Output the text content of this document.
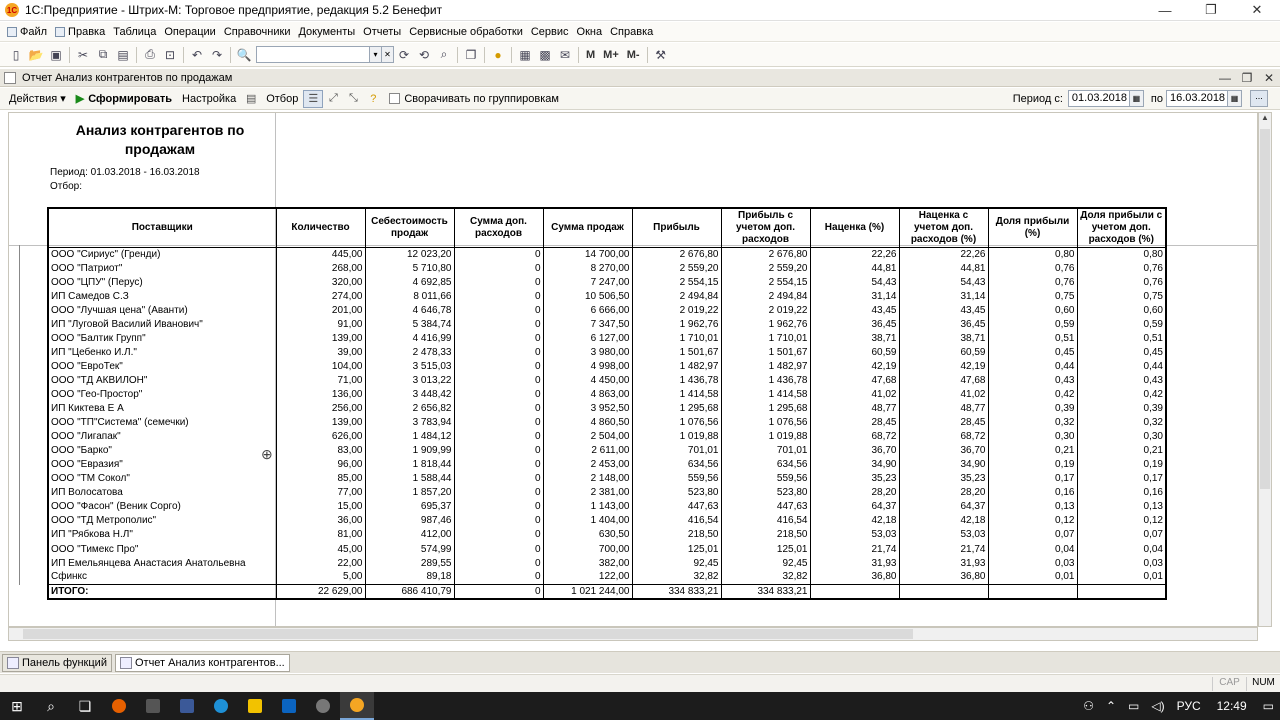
1С 1С:Предприятие - Штрих-М: Торговое предприятие, редакция 5.2 Бенефит	—	❐	✕
Файл Правка Таблица Операции Справочники Документы Отчеты Сервисные обработки Сервис Окна Справка
▯ 📂 ▣	✂ ⧉ ▤	⎙ ⊡	↶ ↷	🔍	▾ ✕ ⟳ ⟲ ⌕	❐	●	▦ ▩ ✉	M M+ M-	⚒
Отчет Анализ контрагентов по продажам	— ❐ ✕
Действия ▾ ▶ Сформировать Настройка ▤ Отбор ☰ ⤢	⤡	?	Сворачивать по группировкам	Период с: 01.03.2018 ▦ по 16.03.2018 ▦	...
Анализ контрагентов по продажам
Период: 01.03.2018 - 16.03.2018
Отбор:
Поставщики	Количество	Себестоимость продаж	Сумма доп. расходов	Сумма продаж	Прибыль	Прибыль с учетом доп. расходов	Наценка (%)	Наценка с учетом доп. расходов (%)	Доля прибыли (%)	Доля прибыли с учетом доп. расходов (%)
ООО "Сириус" (Гренди)	445,00	12 023,20	0	14 700,00	2 676,80	2 676,80	22,26	22,26	0,80	0,80
ООО "Патриот"	268,00	5 710,80	0	8 270,00	2 559,20	2 559,20	44,81	44,81	0,76	0,76
ООО "ЦПУ" (Перус)	320,00	4 692,85	0	7 247,00	2 554,15	2 554,15	54,43	54,43	0,76	0,76
ИП Самедов С.З	274,00	8 011,66	0	10 506,50	2 494,84	2 494,84	31,14	31,14	0,75	0,75
ООО "Лучшая цена" (Аванти)	201,00	4 646,78	0	6 666,00	2 019,22	2 019,22	43,45	43,45	0,60	0,60
ИП "Луговой Василий Иванович"	91,00	5 384,74	0	7 347,50	1 962,76	1 962,76	36,45	36,45	0,59	0,59
ООО "Балтик Групп"	139,00	4 416,99	0	6 127,00	1 710,01	1 710,01	38,71	38,71	0,51	0,51
ИП "Цебенко И.Л."	39,00	2 478,33	0	3 980,00	1 501,67	1 501,67	60,59	60,59	0,45	0,45
ООО "ЕвроТек"	104,00	3 515,03	0	4 998,00	1 482,97	1 482,97	42,19	42,19	0,44	0,44
ООО "ТД АКВИЛОН"	71,00	3 013,22	0	4 450,00	1 436,78	1 436,78	47,68	47,68	0,43	0,43
ООО "Гео-Простор"	136,00	3 448,42	0	4 863,00	1 414,58	1 414,58	41,02	41,02	0,42	0,42
ИП Киктева Е А	256,00	2 656,82	0	3 952,50	1 295,68	1 295,68	48,77	48,77	0,39	0,39
ООО "ТП"Система" (семечки)	139,00	3 783,94	0	4 860,50	1 076,56	1 076,56	28,45	28,45	0,32	0,32
ООО "Лигапак"	626,00	1 484,12	0	2 504,00	1 019,88	1 019,88	68,72	68,72	0,30	0,30
ООО "Барко"	83,00	1 909,99	0	2 611,00	701,01	701,01	36,70	36,70	0,21	0,21
ООО "Евразия"	96,00	1 818,44	0	2 453,00	634,56	634,56	34,90	34,90	0,19	0,19
ООО "ТМ Сокол"	85,00	1 588,44	0	2 148,00	559,56	559,56	35,23	35,23	0,17	0,17
ИП Волосатова	77,00	1 857,20	0	2 381,00	523,80	523,80	28,20	28,20	0,16	0,16
ООО "Фасон" (Веник Сорго)	15,00	695,37	0	1 143,00	447,63	447,63	64,37	64,37	0,13	0,13
ООО "ТД Метрополис"	36,00	987,46	0	1 404,00	416,54	416,54	42,18	42,18	0,12	0,12
ИП "Рябкова Н.Л"	81,00	412,00	0	630,50	218,50	218,50	53,03	53,03	0,07	0,07
ООО "Тимекс Про"	45,00	574,99	0	700,00	125,01	125,01	21,74	21,74	0,04	0,04
ИП Емельянцева Анастасия Анатольевна	22,00	289,55	0	382,00	92,45	92,45	31,93	31,93	0,03	0,03
Сфинкс	5,00	89,18	0	122,00	32,82	32,82	36,80	36,80	0,01	0,01
ИТОГО:	22 629,00	686 410,79	0	1 021 244,00	334 833,21	334 833,21				
⊕
▲
Панель функций	Отчет Анализ контрагентов...
CAP	NUM
⊞	⌕	❏	⚇	⌃	▭	◁)	РУС	12:49	▭
